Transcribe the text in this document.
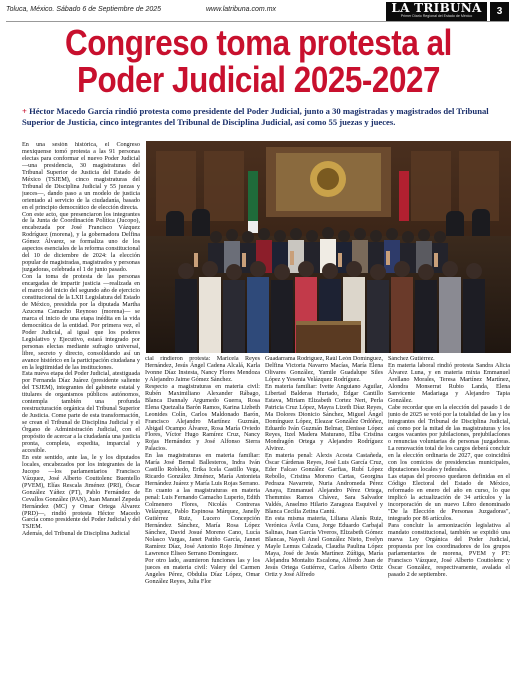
Toluca, México. Sábado 6 de Septiembre de 2025	www.latribuna.com.mx	LA TRIBUNA
Primer Diario Regional del Estado de México	3
Congreso toma protesta al
Poder Judicial 2025-2027
+ Héctor Macedo García rindió protesta como presidente del Poder Judicial, junto a 30 magistradas y magistrados del Tribunal Superior de Justicia, cinco integrantes del Tribunal de Disciplina Judicial, así como 55 juezas y jueces.

En una sesión histórica, el Congreso mexiquense tomó protesta a las 91 personas electas para conformar el nuevo Poder Judicial —una presidencia, 30 magistraturas del Tribunal Superior de Justicia del Estado de México (TSJEM), cinco magistraturas del Tribunal de Disciplina Judicial y 55 juezas y jueces—, dando paso a un modelo de justicia orientado al servicio de la ciudadanía, basado en el principio democrático de elección directa.

Con este acto, que presenciaron los integrantes de la Junta de Coordinación Política (Jucopo), encabezada por José Francisco Vázquez Rodríguez (morena), y la gobernadora Delfina Gómez Álvarez, se formaliza uno de los aspectos esenciales de la reforma constitucional del 10 de diciembre de 2024: la elección popular de magistradas, magistrados y personas juzgadoras, celebrada el 1 de junio pasado.

Con la toma de protesta de las personas encargadas de impartir justicia —realizada en el marco del inicio del segundo año de ejercicio constitucional de la LXII Legislatura del Estado de México, presidida por la diputada Martha Azucena Camacho Reynoso (morena)— se marca el inicio de una etapa inédita en la vida democrática de la entidad. Por primera vez, el Poder Judicial, al igual que los poderes Legislativo y Ejecutivo, estará integrado por personas electas mediante sufragio universal, libre, secreto y directo, consolidando así un avance histórico en la participación ciudadana y en la legitimidad de las instituciones.

Esta nueva etapa del Poder Judicial, atestiguada por Fernanda Díaz Juárez (presidente saliente del TSJEM), integrantes del gabinete estatal y titulares de organismos públicos autónomos, contempla también una profunda reestructuración orgánica del Tribunal Superior de Justicia. Come parte de esta transformación, se crean el Tribunal de Disciplina Judicial y el Órgano de Administración Judicial, con el propósito de acercar a la ciudadanía una justicia pronta, completa, expedita, imparcial y accesible.

En este sentido, ante las, le y los diputados locales, encabezados por los integrantes de la Jucopo —los parlamentarios Francisco Vázquez, José Alberto Couttolenc Buentello (PVEM), Elías Rescala Jiménez (PRI), Óscar González Yáñez (PT), Pablo Fernández de Cevallos González (PAN), Juan Manuel Zepeda Hernández (MC) y Omar Ortega Álvarez (PRD)—, rindió protesta Héctor Macedo García como presidente del Poder Judicial y del TSJEM.

Además, del Tribunal de Disciplina Judicial

cial rindieron protesta: Maricela Reyes Hernández, Jesús Ángel Cadena Alcalá, Karla Ivonne Díaz Instesta, Nancy Flores Mendoza y Alejandro Jaime Gómez Sánchez.

Respecto a magistraturas en materia civil: Rubén Maximiliano Alexander Rábago, Blanca Dannaly Argumedo Guerra, Rosa Elena Quetzalia Barón Ramos, Karina Lizbeth Leonides Colín, Carlos Maldonado Barón, Francisco Alejandro Martínez Guzmán, Abigail Ocampo Álvarez, Rosa María Oviedo Flores, Víctor Hugo Ramírez Cruz, Nancy Rojas Hernández y José Alfonso Sierra Palacios.

En las magistraturas en materia familiar: María José Bernal Ballesteros, Indra Iván Castillo Robledo, Erika Icela Castillo Vega, Ricardo González Jiménez, María Antonieta Hernández Juárez y María Luis Rojas Serrano.

En cuanto a las magistraturas en materia penal: Luis Fernando Camacho Luperio, Edith Colmenero Flores, Nicolás Contreras Velázquez, Pablo Espinosa Márquez, Janelly Gutiérrez Ruiz, Lucero Concepción Hernández Sánchez, María Rosa López Sánchez, David Josué Moreno Cano, Lucía Nolasco Vargas, Janet Patiño García, Jannet Ramírez Díaz, José Antonio Rojo Jiménez y Lawrence Eliseo Serrano Domínguez.

Por otro lado, asumieron funciones las y los jueces en materia civil: Valery del Carmen Angeles Pérez, Obdulia Díaz López, Omar González Reyes, Julia Flor

Guadarrama Rodríguez, Raúl León Domínguez, Delfina Victoria Navarro Macías, María Elena Olivares González, Yamile Guadalupe Siles López y Yesenia Velázquez Rodríguez.

En materia familiar: Ivette Anguiano Aguilar, Libertad Balderas Hurtado, Edgar Cantillo Estava, Miriam Elizabeth Cortez Neri, Perla Patricia Cruz López, Mayra Lizeth Díaz Reyes, Ma Dolores Dionicio Sánchez, Miguel Ángel Domínguez López, Eleazar González Ordóñez, Eduardo Iván Guzmán Belmar, Denisse López Reyes, Itzel Madera Maturano, Elba Cristina Mondragón Ortega y Alejandro Rodríguez Alvirez.

En materia penal: Alexis Acosta Castañeda, Óscar Cárdenas Reyes, José Luis García Cruz, Eder Falcao González Garfias, Rubí López Rebollo, Cristina Moreno Cartas, Georgina Pedraza Navarrete, Nuria Andromeda Pérez Anaya, Emmanuel Alejandro Pérez Ortega, Themmiss Ramos Chávez, Sara Salvador Valdés, Anselmo Hilario Zaragoza Esquivel y Blanca Cecilia Zetina Cantú.

En esta misma materia, Liliana Alanís Ruiz, Verónica Ávila Cura, Jorge Eduardo Carbajal Salinas, Juan García Viveros, Elizabeth Gómez Blancas, Nayeli Anel González Nieto, Evelyn Mayle Lemus Calzada, Claudia Paulina López Maya, José de Jesús Martínez Zúñiga, María Alejandra Montalto Escalona, Alfredo Juan de Jesús Ortega Gutiérrez, Carlos Alberto Ortiz Ortiz y José Alfredo

Sánchez Gutiérrez.

En materia laboral rindió protesta Sandra Alicia Álvarez Luna, y en materia mixta Emmanuel Arellano Morales, Teresa Martínez Martínez, Alondra Monserrat Rubio Landa, Elena Sanvicente Madariaga y Alejandro Tapia González.

Cabe recordar que en la elección del pasado 1 de junio de 2025 se votó por la totalidad de las y los integrantes del Tribunal de Disciplina Judicial, así como por la mitad de las magistraturas y los cargos vacantes por jubilaciones, prejubilaciones o renuncias voluntarias de personas juzgadoras. La renovación total de los cargos deberá concluir en la elección ordinaria de 2027, que coincidirá con los comicios de presidencias municipales, diputaciones locales y federales.

Las etapas del proceso quedaron definidas en el Código Electoral del Estado de México, reformado en enero del año en curso, lo que implicó la actualización de 34 artículos y la incorporación de un nuevo Libro denominado "De la Elección de Personas Juzgadoras", integrado por 86 artículos.

Para concluir la armonización legislativa al mandato constitucional, también se expidió una nueva Ley Orgánica del Poder Judicial, propuesta por los coordinadores de los grupos parlamentarios de morena, PVEM y PT: Francisco Vázquez, José Alberto Couttolenc y Óscar González, respectivamente, avalada el pasado 2 de septiembre.
